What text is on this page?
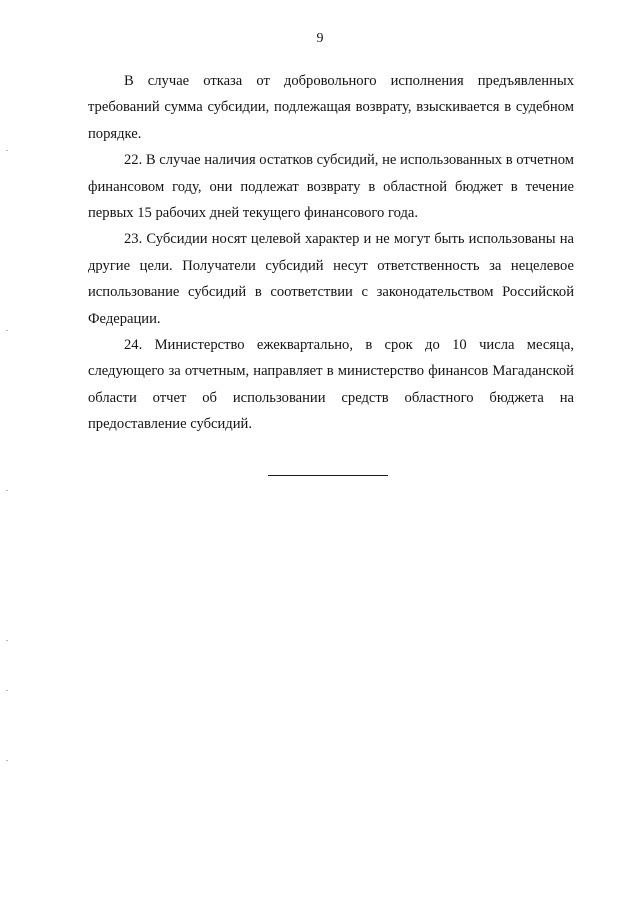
9

В случае отказа от добровольного исполнения предъявленных требований сумма субсидии, подлежащая возврату, взыскивается в судебном порядке.

22. В случае наличия остатков субсидий, не использованных в отчетном финансовом году, они подлежат возврату в областной бюджет в течение первых 15 рабочих дней текущего финансового года.

23. Субсидии носят целевой характер и не могут быть использованы на другие цели. Получатели субсидий несут ответственность за нецелевое использование субсидий в соответствии с законодательством Российской Федерации.

24. Министерство ежеквартально, в срок до 10 числа месяца, следующего за отчетным, направляет в министерство финансов Магаданской области отчет об использовании средств областного бюджета на предоставление субсидий.
